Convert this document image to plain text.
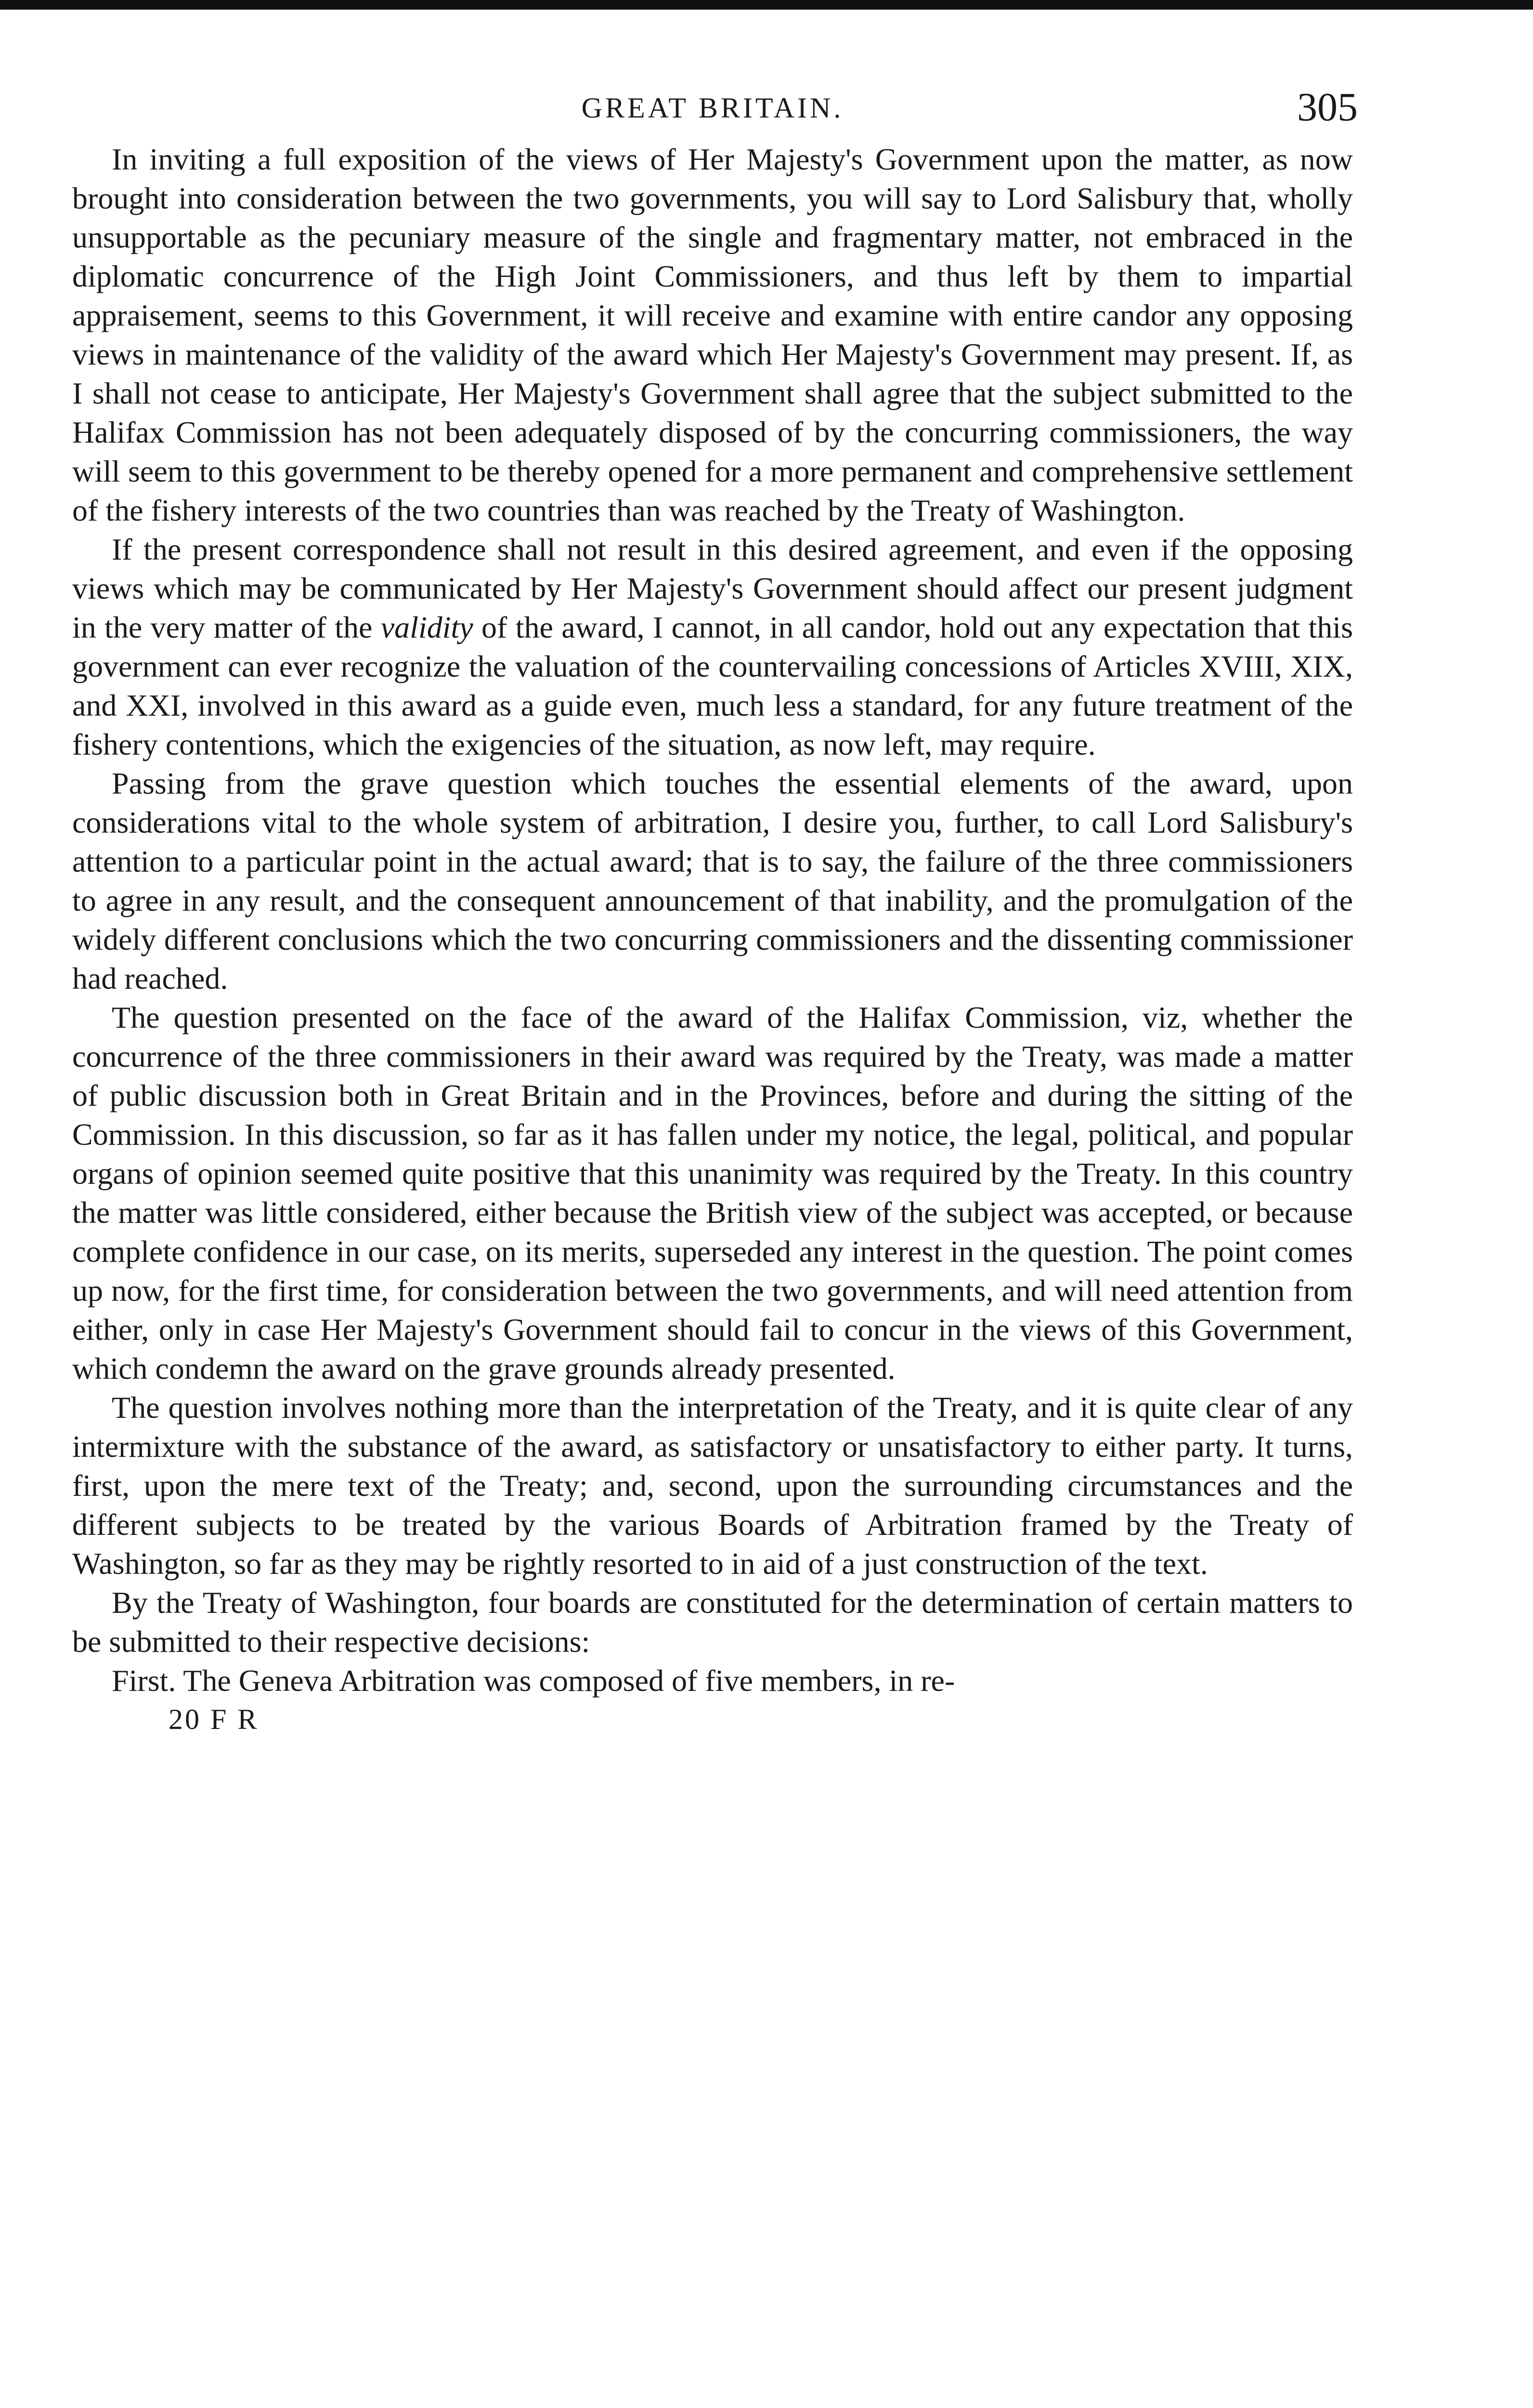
GREAT BRITAIN.	305

In inviting a full exposition of the views of Her Majesty's Government upon the matter, as now brought into consideration between the two governments, you will say to Lord Salisbury that, wholly unsupportable as the pecuniary measure of the single and fragmentary matter, not embraced in the diplomatic concurrence of the High Joint Commissioners, and thus left by them to impartial appraisement, seems to this Government, it will receive and examine with entire candor any opposing views in maintenance of the validity of the award which Her Majesty's Government may present. If, as I shall not cease to anticipate, Her Majesty's Government shall agree that the subject submitted to the Halifax Commission has not been adequately disposed of by the concurring commissioners, the way will seem to this government to be thereby opened for a more permanent and comprehensive settlement of the fishery interests of the two countries than was reached by the Treaty of Washington.

If the present correspondence shall not result in this desired agreement, and even if the opposing views which may be communicated by Her Majesty's Government should affect our present judgment in the very matter of the validity of the award, I cannot, in all candor, hold out any expectation that this government can ever recognize the valuation of the countervailing concessions of Articles XVIII, XIX, and XXI, involved in this award as a guide even, much less a standard, for any future treatment of the fishery contentions, which the exigencies of the situation, as now left, may require.

Passing from the grave question which touches the essential elements of the award, upon considerations vital to the whole system of arbitration, I desire you, further, to call Lord Salisbury's attention to a particular point in the actual award; that is to say, the failure of the three commissioners to agree in any result, and the consequent announcement of that inability, and the promulgation of the widely different conclusions which the two concurring commissioners and the dissenting commissioner had reached.

The question presented on the face of the award of the Halifax Commission, viz, whether the concurrence of the three commissioners in their award was required by the Treaty, was made a matter of public discussion both in Great Britain and in the Provinces, before and during the sitting of the Commission. In this discussion, so far as it has fallen under my notice, the legal, political, and popular organs of opinion seemed quite positive that this unanimity was required by the Treaty. In this country the matter was little considered, either because the British view of the subject was accepted, or because complete confidence in our case, on its merits, superseded any interest in the question. The point comes up now, for the first time, for consideration between the two governments, and will need attention from either, only in case Her Majesty's Government should fail to concur in the views of this Government, which condemn the award on the grave grounds already presented.

The question involves nothing more than the interpretation of the Treaty, and it is quite clear of any intermixture with the substance of the award, as satisfactory or unsatisfactory to either party. It turns, first, upon the mere text of the Treaty; and, second, upon the surrounding circumstances and the different subjects to be treated by the various Boards of Arbitration framed by the Treaty of Washington, so far as they may be rightly resorted to in aid of a just construction of the text.

By the Treaty of Washington, four boards are constituted for the determination of certain matters to be submitted to their respective decisions:

First. The Geneva Arbitration was composed of five members, in re-

20 F R
